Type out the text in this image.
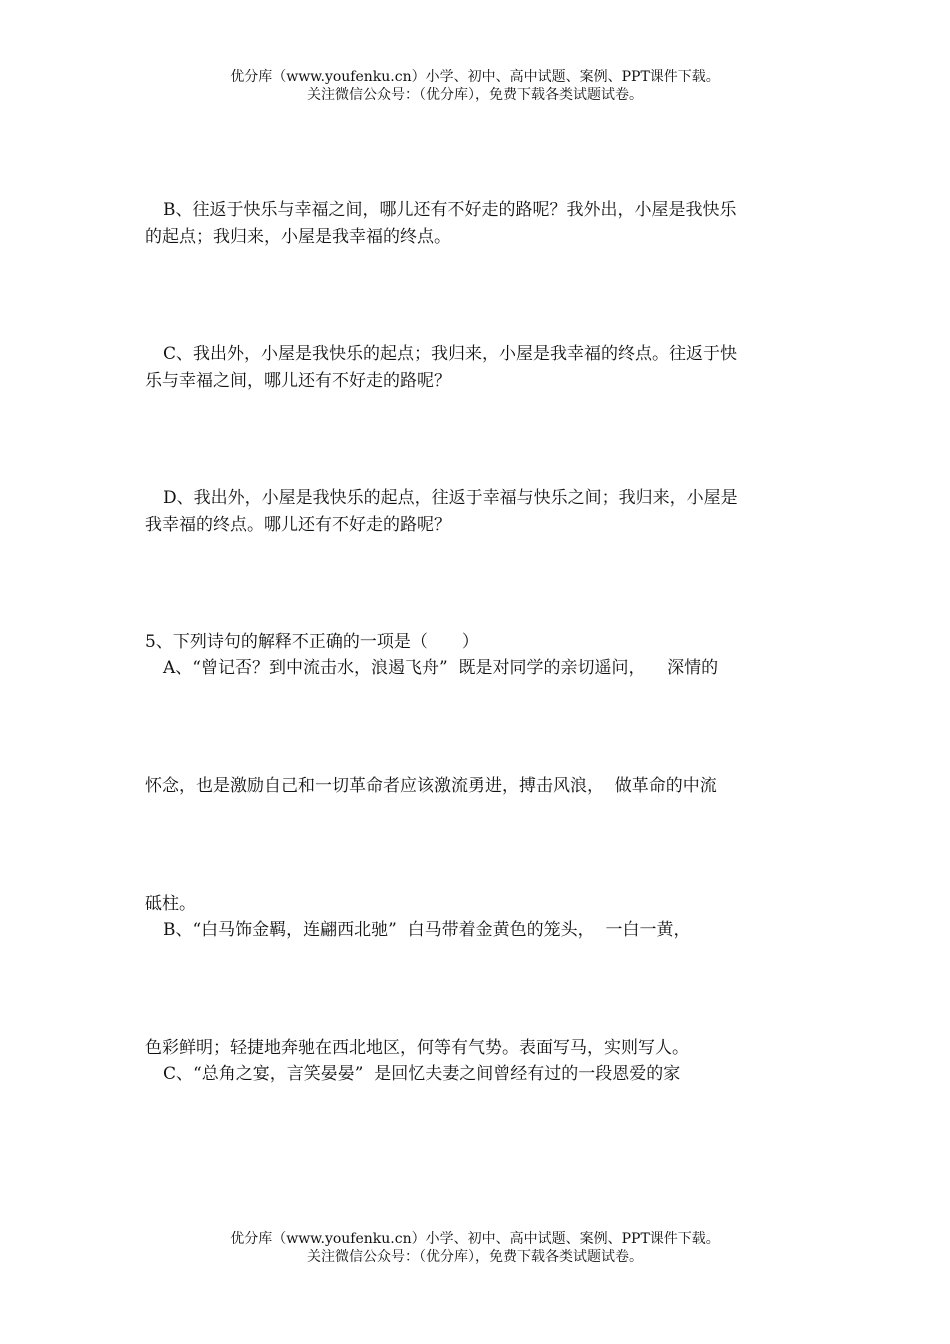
优分库（www.youfenku.cn）小学、初中、高中试题、案例、PPT课件下载。
关注微信公众号：（优分库），免费下载各类试题试卷。
B、往返于快乐与幸福之间，哪儿还有不好走的路呢？我外出，小屋是我快乐
的起点；我归来，小屋是我幸福的终点。
C、我出外，小屋是我快乐的起点；我归来，小屋是我幸福的终点。往返于快
乐与幸福之间，哪儿还有不好走的路呢？
D、我出外，小屋是我快乐的起点，往返于幸福与快乐之间；我归来，小屋是
我幸福的终点。哪儿还有不好走的路呢？
5、下列诗句的解释不正确的一项是（　　）
A、“曾记否？到中流击水，浪遏飞舟”  既是对同学的亲切遥问，    深情的
怀念，也是激励自己和一切革命者应该激流勇进，搏击风浪，  做革命的中流
砥柱。
B、“白马饰金羁，连翩西北驰”  白马带着金黄色的笼头，  一白一黄，
色彩鲜明；轻捷地奔驰在西北地区，何等有气势。表面写马，实则写人。
C、“总角之宴，言笑晏晏”  是回忆夫妻之间曾经有过的一段恩爱的家
优分库（www.youfenku.cn）小学、初中、高中试题、案例、PPT课件下载。
关注微信公众号：（优分库），免费下载各类试题试卷。
